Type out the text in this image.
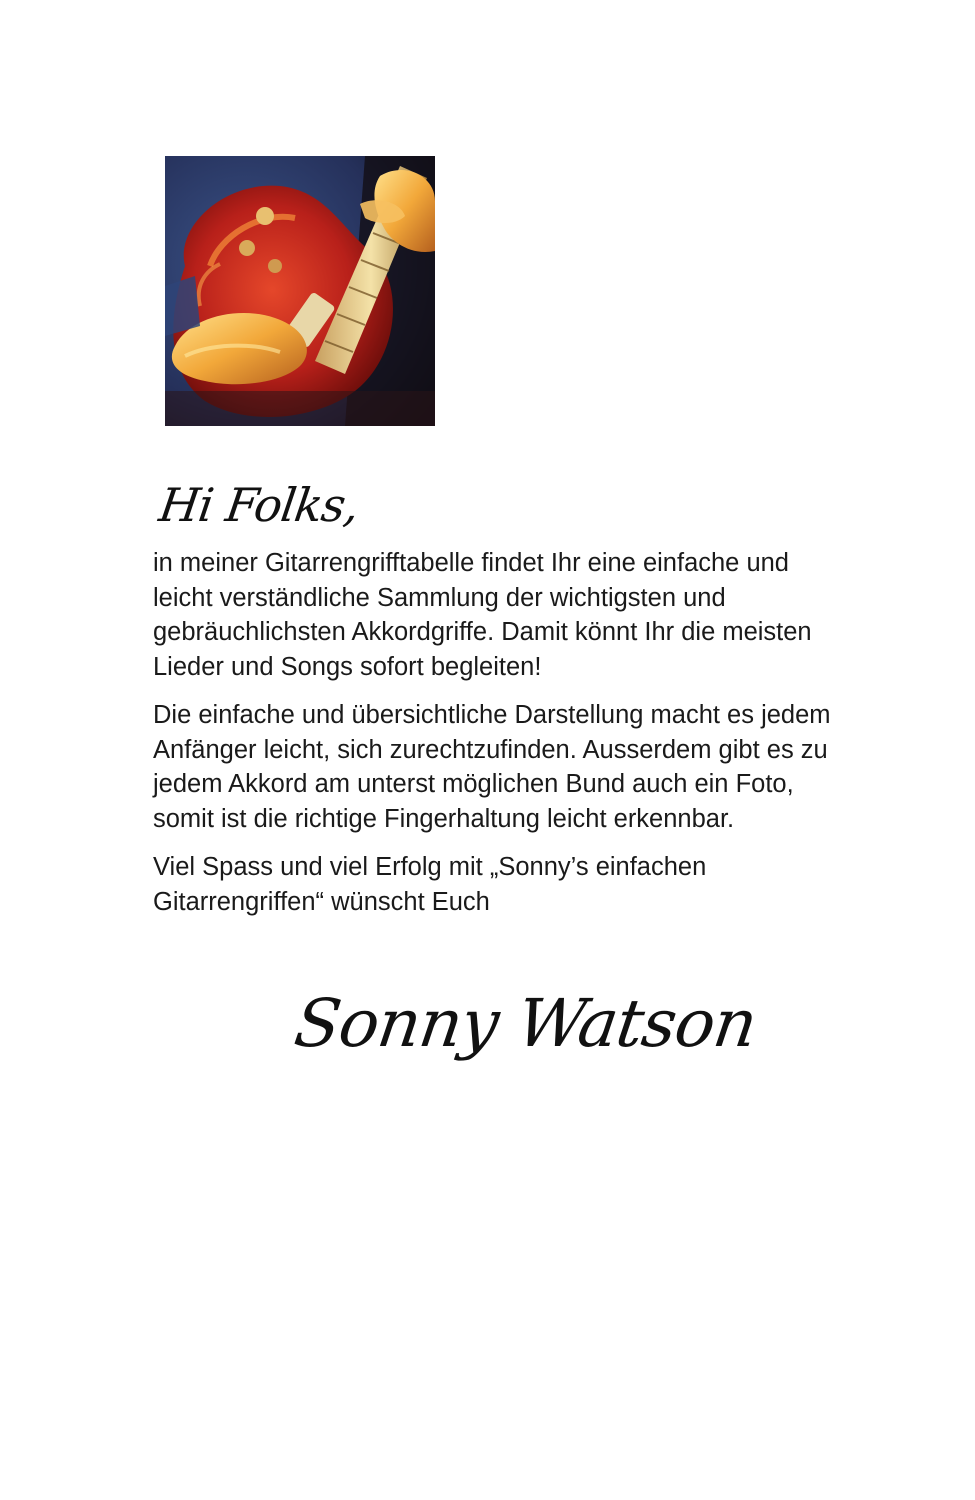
Hi Folks,

in meiner Gitarrengrifftabelle findet Ihr eine einfache und leicht verständliche Sammlung der wichtigsten und gebräuchlichsten Akkordgriffe. Damit könnt Ihr die meisten Lieder und Songs sofort begleiten!

Die einfache und übersichtliche Darstellung macht es jedem Anfänger leicht, sich zurechtzufinden. Ausserdem gibt es zu jedem Akkord am unterst möglichen Bund auch ein Foto, somit ist die richtige Fingerhaltung leicht erkennbar.

Viel Spass und viel Erfolg mit „Sonny’s einfachen Gitarrengriffen“ wünscht Euch

Sonny Watson
